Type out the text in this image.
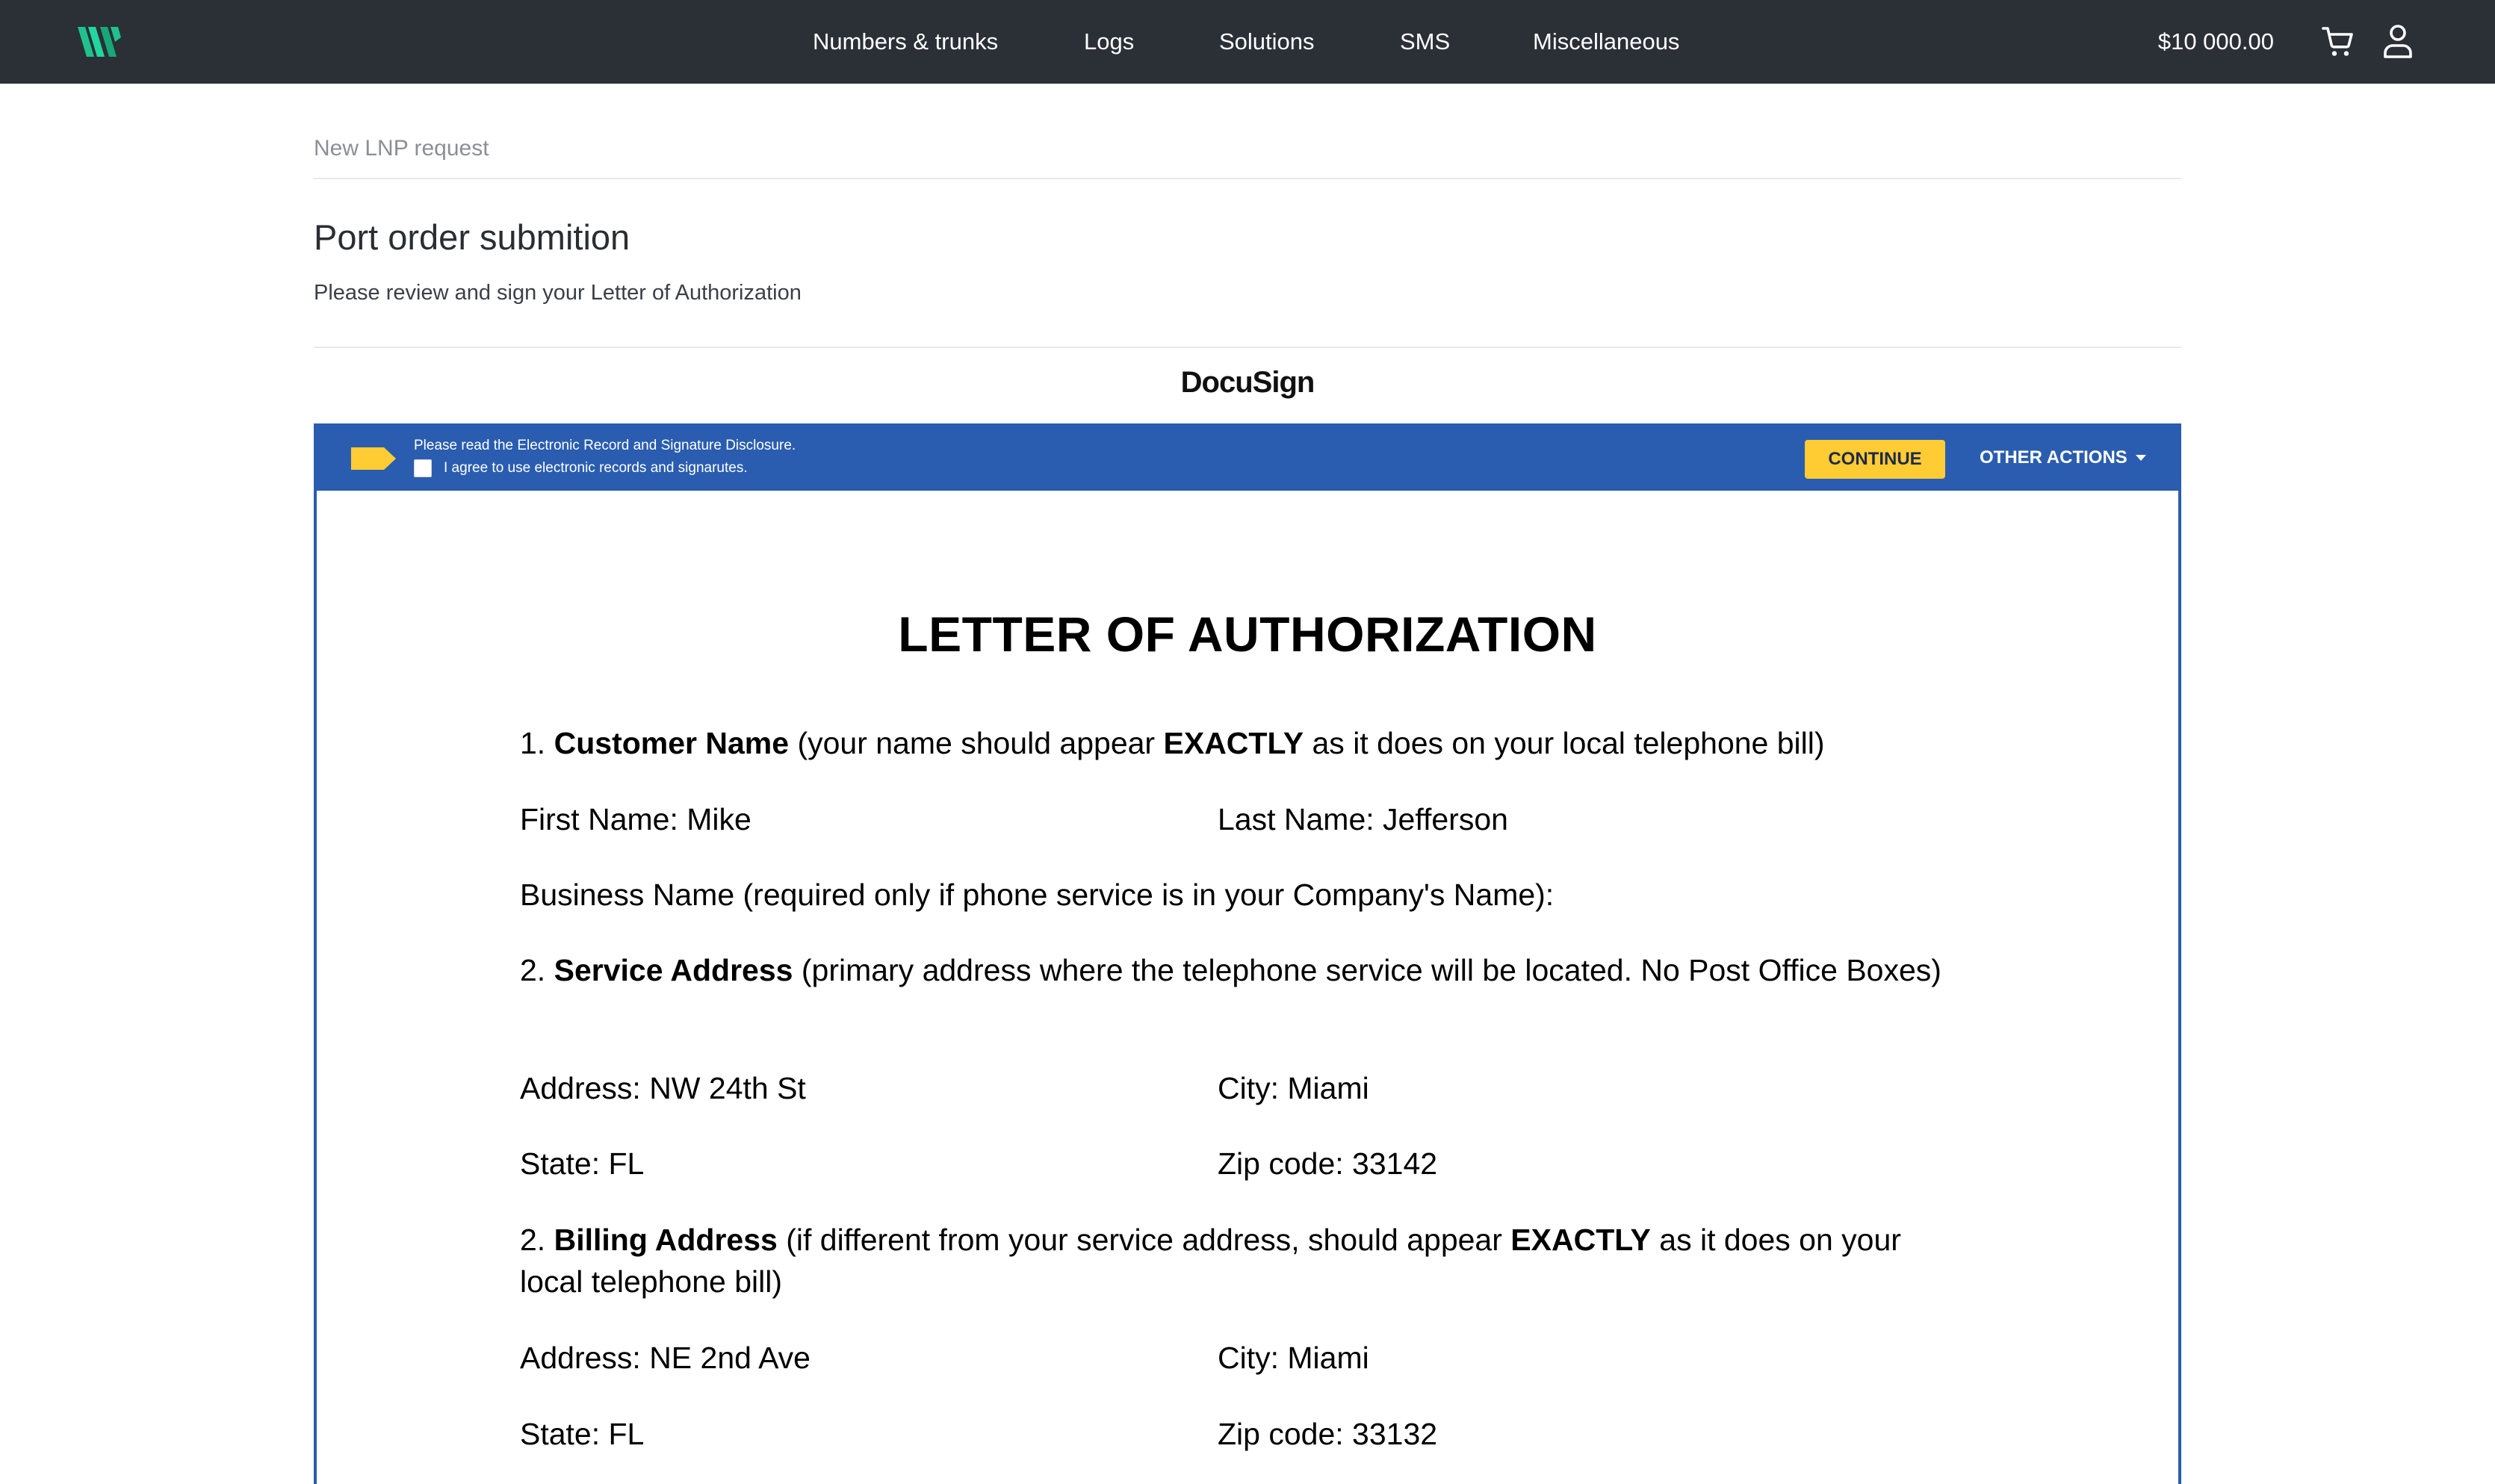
Numbers & trunks	Logs	Solutions	SMS	Miscellaneous	$10 000.00
New LNP request
Port order submition
Please review and sign your Letter of Authorization
DocuSign
Please read the Electronic Record and Signature Disclosure.
I agree to use electronic records and signarutes.	CONTINUE	OTHER ACTIONS
LETTER OF AUTHORIZATION
1. Customer Name (your name should appear EXACTLY as it does on your local telephone bill)
First Name: Mike	Last Name: Jefferson
Business Name (required only if phone service is in your Company's Name):
2. Service Address (primary address where the telephone service will be located. No Post Office Boxes)
Address: NW 24th St	City: Miami
State: FL	Zip code: 33142
2. Billing Address (if different from your service address, should appear EXACTLY as it does on your local telephone bill)
Address: NE 2nd Ave	City: Miami
State: FL	Zip code: 33132
